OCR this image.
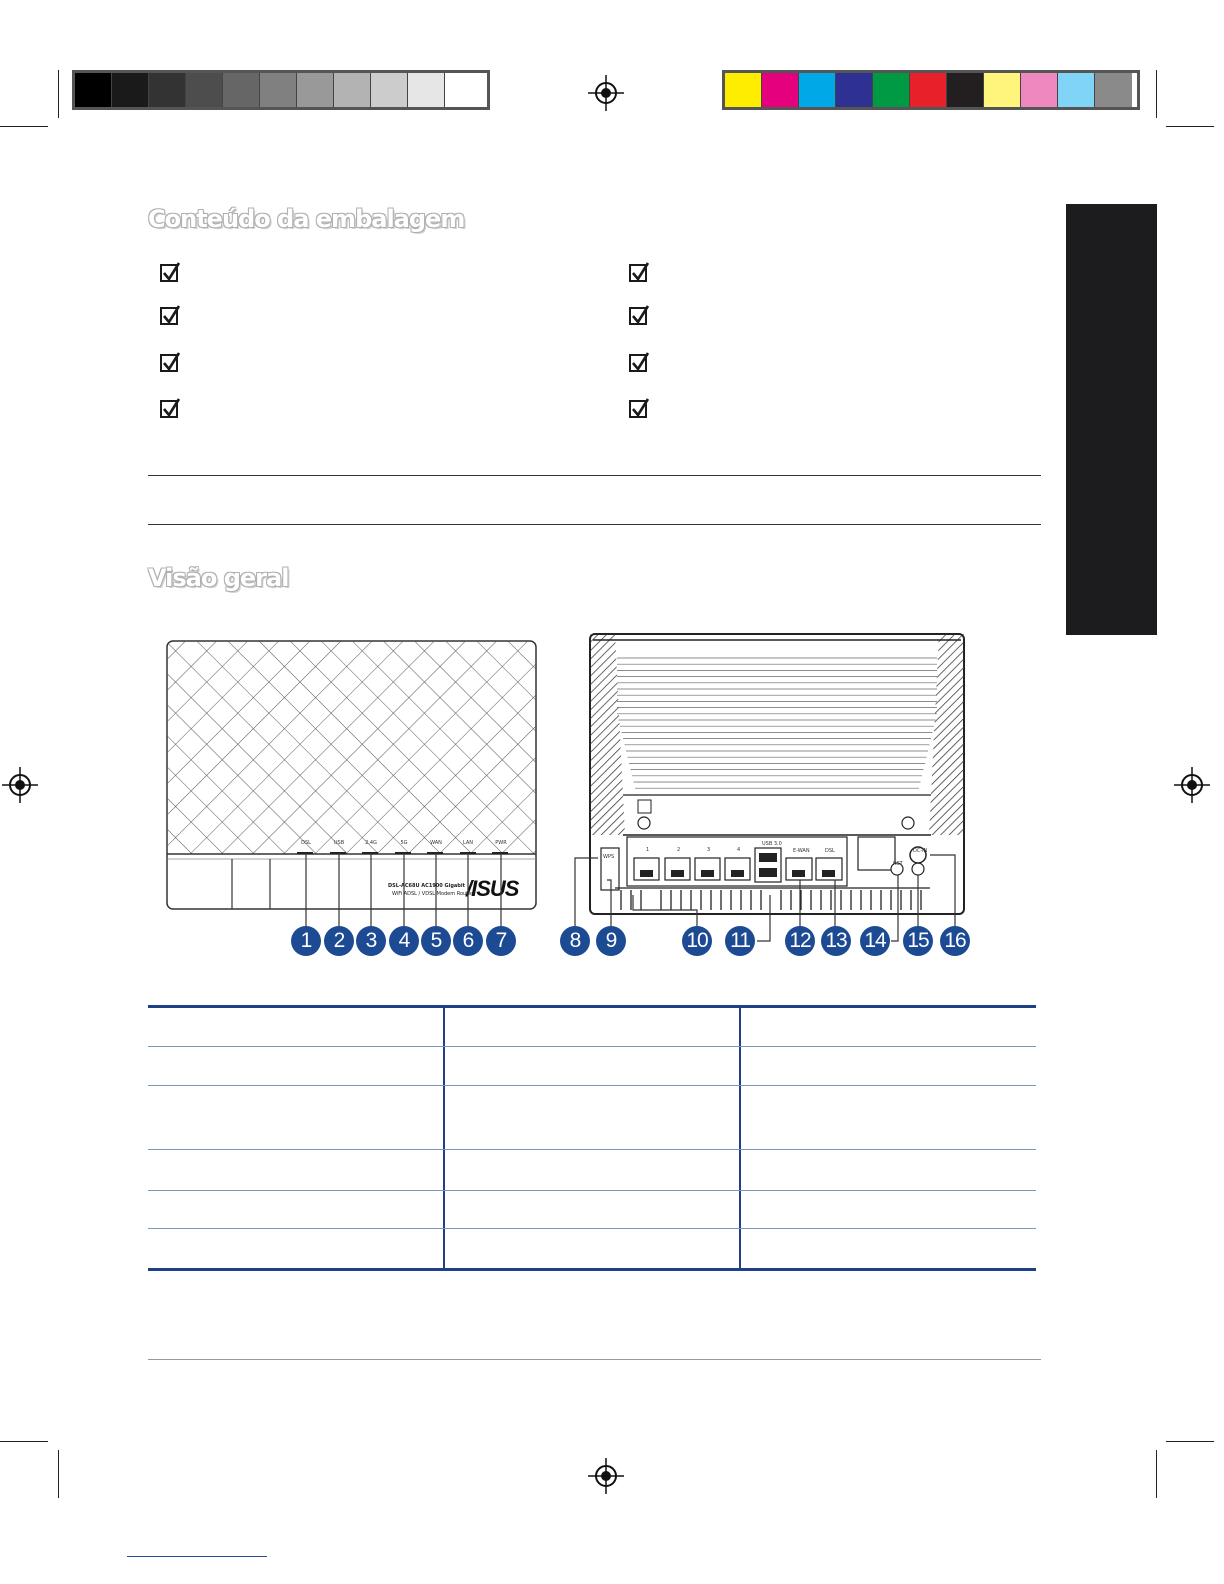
Conteúdo da embalagem
Visão geral
DSL	USB	2.4G	5G	WAN	LAN	PWR
DSL-AC68U AC1900 Gigabit
WiFi ADSL / VDSL Modem Router
/ISUS
1	2	3	4
USB 3.0
E-WAN	DSL
RST
DC-IN
WPS
1	2	3	4	5	6	7	8	9	10 11 12 13 14 15 16
